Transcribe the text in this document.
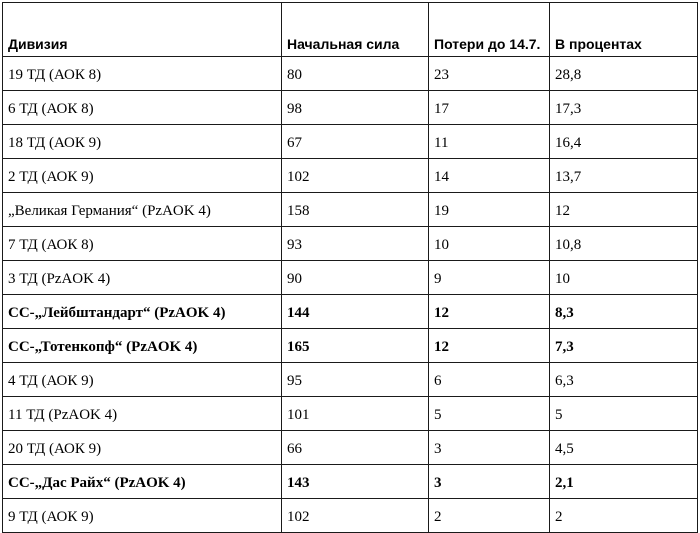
Дивизия	Начальная сила	Потери до 14.7.	В процентах
19 ТД (АОК 8)	80	23	28,8
6 ТД (АОК 8)	98	17	17,3
18 ТД (АОК 9)	67	11	16,4
2 ТД (АОК 9)	102	14	13,7
„Великая Германия“ (PzAOK 4)	158	19	12
7 ТД (АОК 8)	93	10	10,8
3 ТД (PzAOK 4)	90	9	10
СС-„Лейбштандарт“ (PzAOK 4)	144	12	8,3
СС-„Тотенкопф“ (PzAOK 4)	165	12	7,3
4 ТД (АОК 9)	95	6	6,3
11 ТД (PzAOK 4)	101	5	5
20 ТД (АОК 9)	66	3	4,5
СС-„Дас Райх“ (PzAOK 4)	143	3	2,1
9 ТД (АОК 9)	102	2	2
